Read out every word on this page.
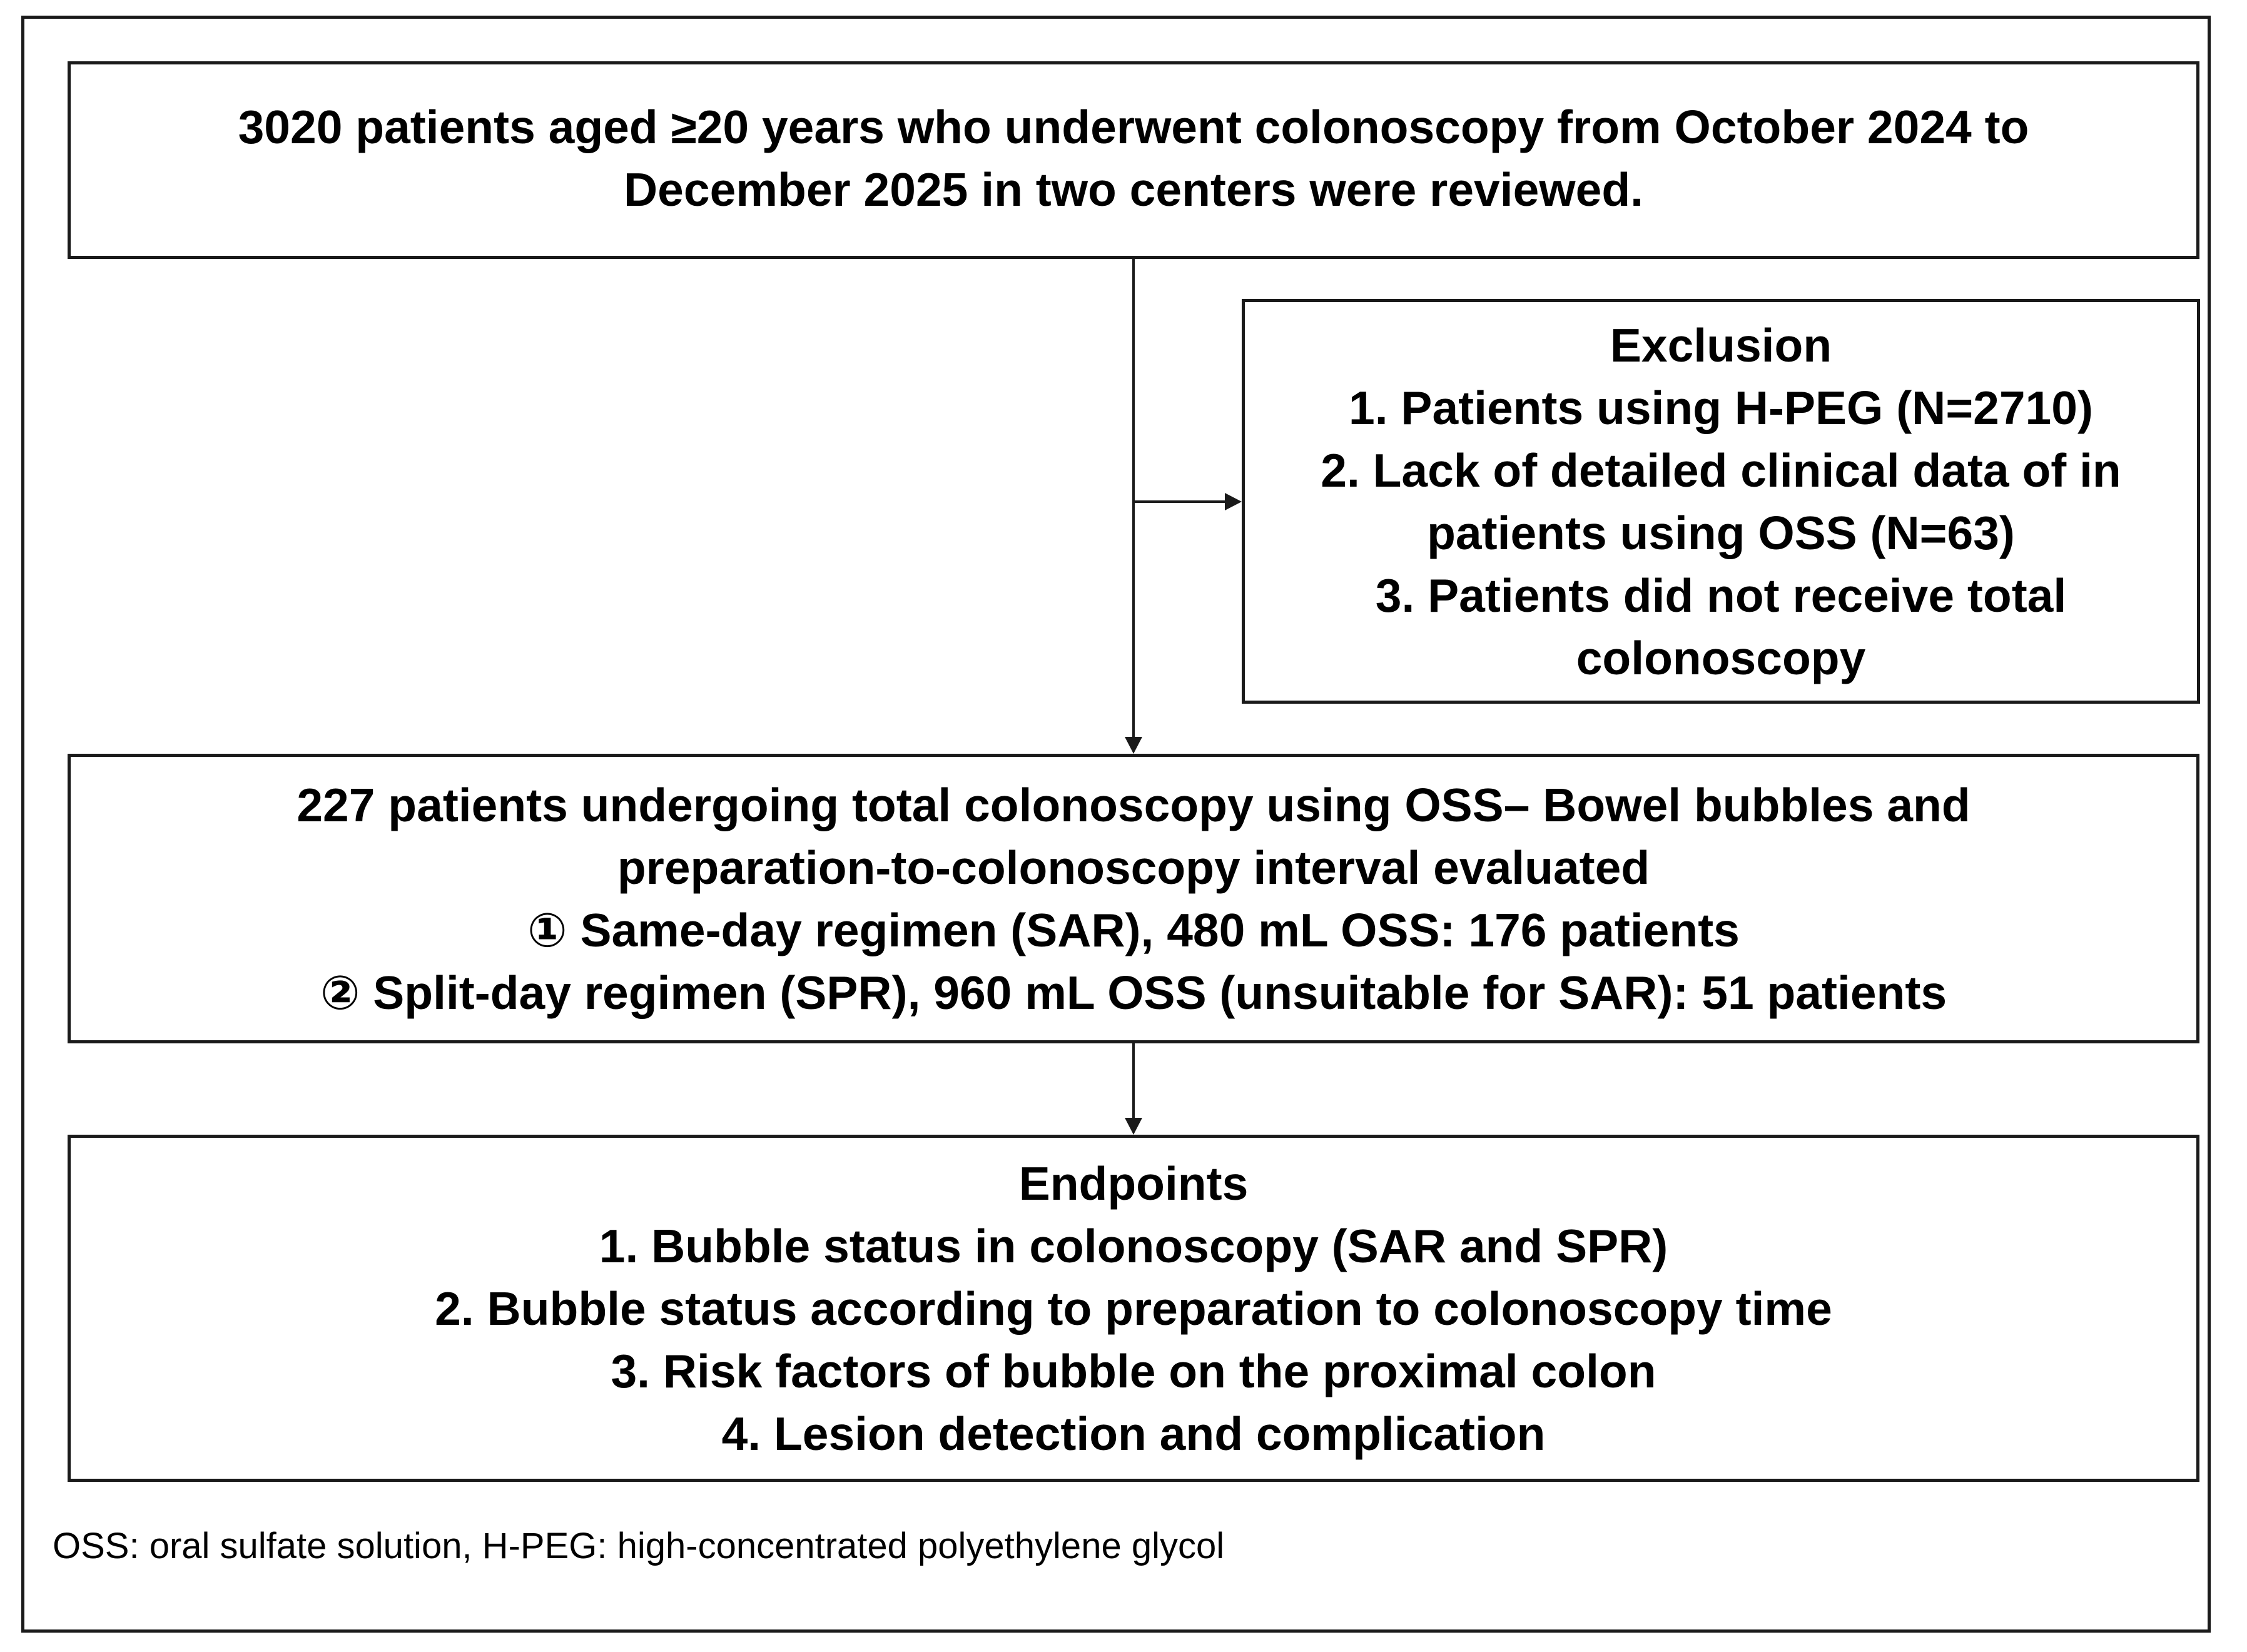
3020 patients aged ≥20 years who underwent colonoscopy from October 2024 to
December 2025 in two centers were reviewed.
Exclusion
1. Patients using H-PEG (N=2710)
2. Lack of detailed clinical data of in
patients using OSS (N=63)
3. Patients did not receive total
colonoscopy
227 patients undergoing total colonoscopy using OSS– Bowel bubbles and
preparation-to-colonoscopy interval evaluated
① Same-day regimen (SAR), 480 mL OSS: 176 patients
② Split-day regimen (SPR), 960 mL OSS (unsuitable for SAR): 51 patients
Endpoints
1. Bubble status in colonoscopy (SAR and SPR)
2. Bubble status according to preparation to colonoscopy time
3. Risk factors of bubble on the proximal colon
4. Lesion detection and complication
OSS: oral sulfate solution, H-PEG: high-concentrated polyethylene glycol
